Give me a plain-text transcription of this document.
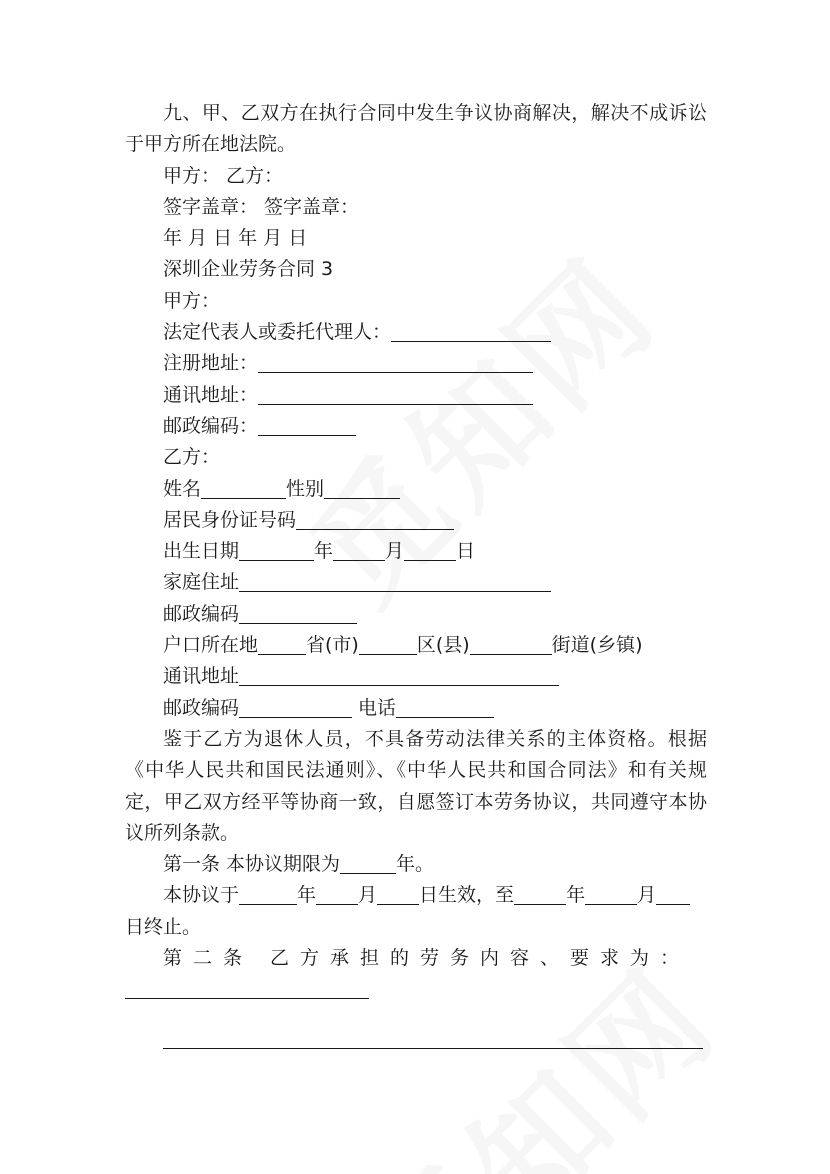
九、甲、乙双方在执行合同中发生争议协商解决，解决不成诉讼于甲方所在地法院。
甲方： 乙方：
签字盖章： 签字盖章：
年 月 日 年 月 日
深圳企业劳务合同 3
甲方：
法定代表人或委托代理人：
注册地址：
通讯地址：
邮政编码：
乙方：
姓名	性别
居民身份证号码
出生日期	年	月	日
家庭住址
邮政编码
户口所在地	省(市)	区(县)	街道(乡镇)
通讯地址
邮政编码	电话
鉴于乙方为退休人员，不具备劳动法律关系的主体资格。根据《中华人民共和国民法通则》、《中华人民共和国合同法》和有关规定，甲乙双方经平等协商一致，自愿签订本劳务协议，共同遵守本协议所列条款。
第一条 本协议期限为	年。
本协议于	年 月 日生效，至	年	月
日终止。
第二条 乙方承担的劳务内容、要求为：
